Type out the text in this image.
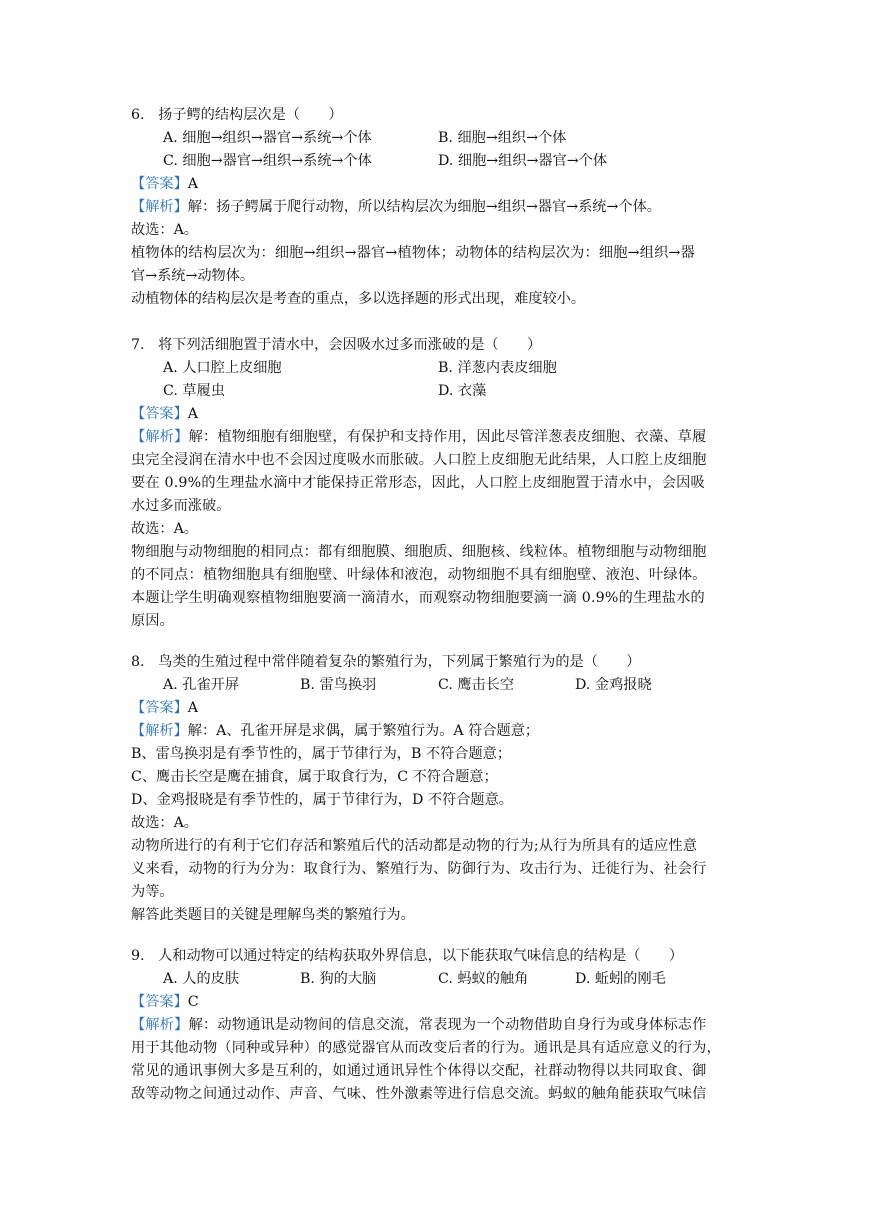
6. 扬子鳄的结构层次是（　　）
A. 细胞→组织→器官→系统→个体	B. 细胞→组织→个体
C. 细胞→器官→组织→系统→个体	D. 细胞→组织→器官→个体
【答案】A
【解析】解：扬子鳄属于爬行动物，所以结构层次为细胞→组织→器官→系统→个体。
故选：A。
植物体的结构层次为：细胞→组织→器官→植物体；动物体的结构层次为：细胞→组织→器
官→系统→动物体。
动植物体的结构层次是考查的重点，多以选择题的形式出现，难度较小。
7. 将下列活细胞置于清水中，会因吸水过多而涨破的是（　　）
A. 人口腔上皮细胞	B. 洋葱内表皮细胞
C. 草履虫	D. 衣藻
【答案】A
【解析】解：植物细胞有细胞壁，有保护和支持作用，因此尽管洋葱表皮细胞、衣藻、草履
虫完全浸润在清水中也不会因过度吸水而胀破。人口腔上皮细胞无此结果，人口腔上皮细胞
要在 0.9%的生理盐水滴中才能保持正常形态，因此，人口腔上皮细胞置于清水中，会因吸
水过多而涨破。
故选：A。
物细胞与动物细胞的相同点：都有细胞膜、细胞质、细胞核、线粒体。植物细胞与动物细胞
的不同点：植物细胞具有细胞壁、叶绿体和液泡，动物细胞不具有细胞壁、液泡、叶绿体。
本题让学生明确观察植物细胞要滴一滴清水，而观察动物细胞要滴一滴 0.9%的生理盐水的
原因。
8. 鸟类的生殖过程中常伴随着复杂的繁殖行为，下列属于繁殖行为的是（　　）
A. 孔雀开屏	B. 雷鸟换羽	C. 鹰击长空	D. 金鸡报晓
【答案】A
【解析】解：A、孔雀开屏是求偶，属于繁殖行为。A 符合题意；
B、雷鸟换羽是有季节性的，属于节律行为，B 不符合题意；
C、鹰击长空是鹰在捕食，属于取食行为，C 不符合题意；
D、金鸡报晓是有季节性的，属于节律行为，D 不符合题意。
故选：A。
动物所进行的有利于它们存活和繁殖后代的活动都是动物的行为;从行为所具有的适应性意
义来看，动物的行为分为：取食行为、繁殖行为、防御行为、攻击行为、迁徙行为、社会行
为等。
解答此类题目的关键是理解鸟类的繁殖行为。
9. 人和动物可以通过特定的结构获取外界信息，以下能获取气味信息的结构是（　　）
A. 人的皮肤	B. 狗的大脑	C. 蚂蚁的触角	D. 蚯蚓的刚毛
【答案】C
【解析】解：动物通讯是动物间的信息交流，常表现为一个动物借助自身行为或身体标志作
用于其他动物（同种或异种）的感觉器官从而改变后者的行为。通讯是具有适应意义的行为，
常见的通讯事例大多是互利的，如通过通讯异性个体得以交配，社群动物得以共同取食、御
敌等动物之间通过动作、声音、气味、性外激素等进行信息交流。蚂蚁的触角能获取气味信
